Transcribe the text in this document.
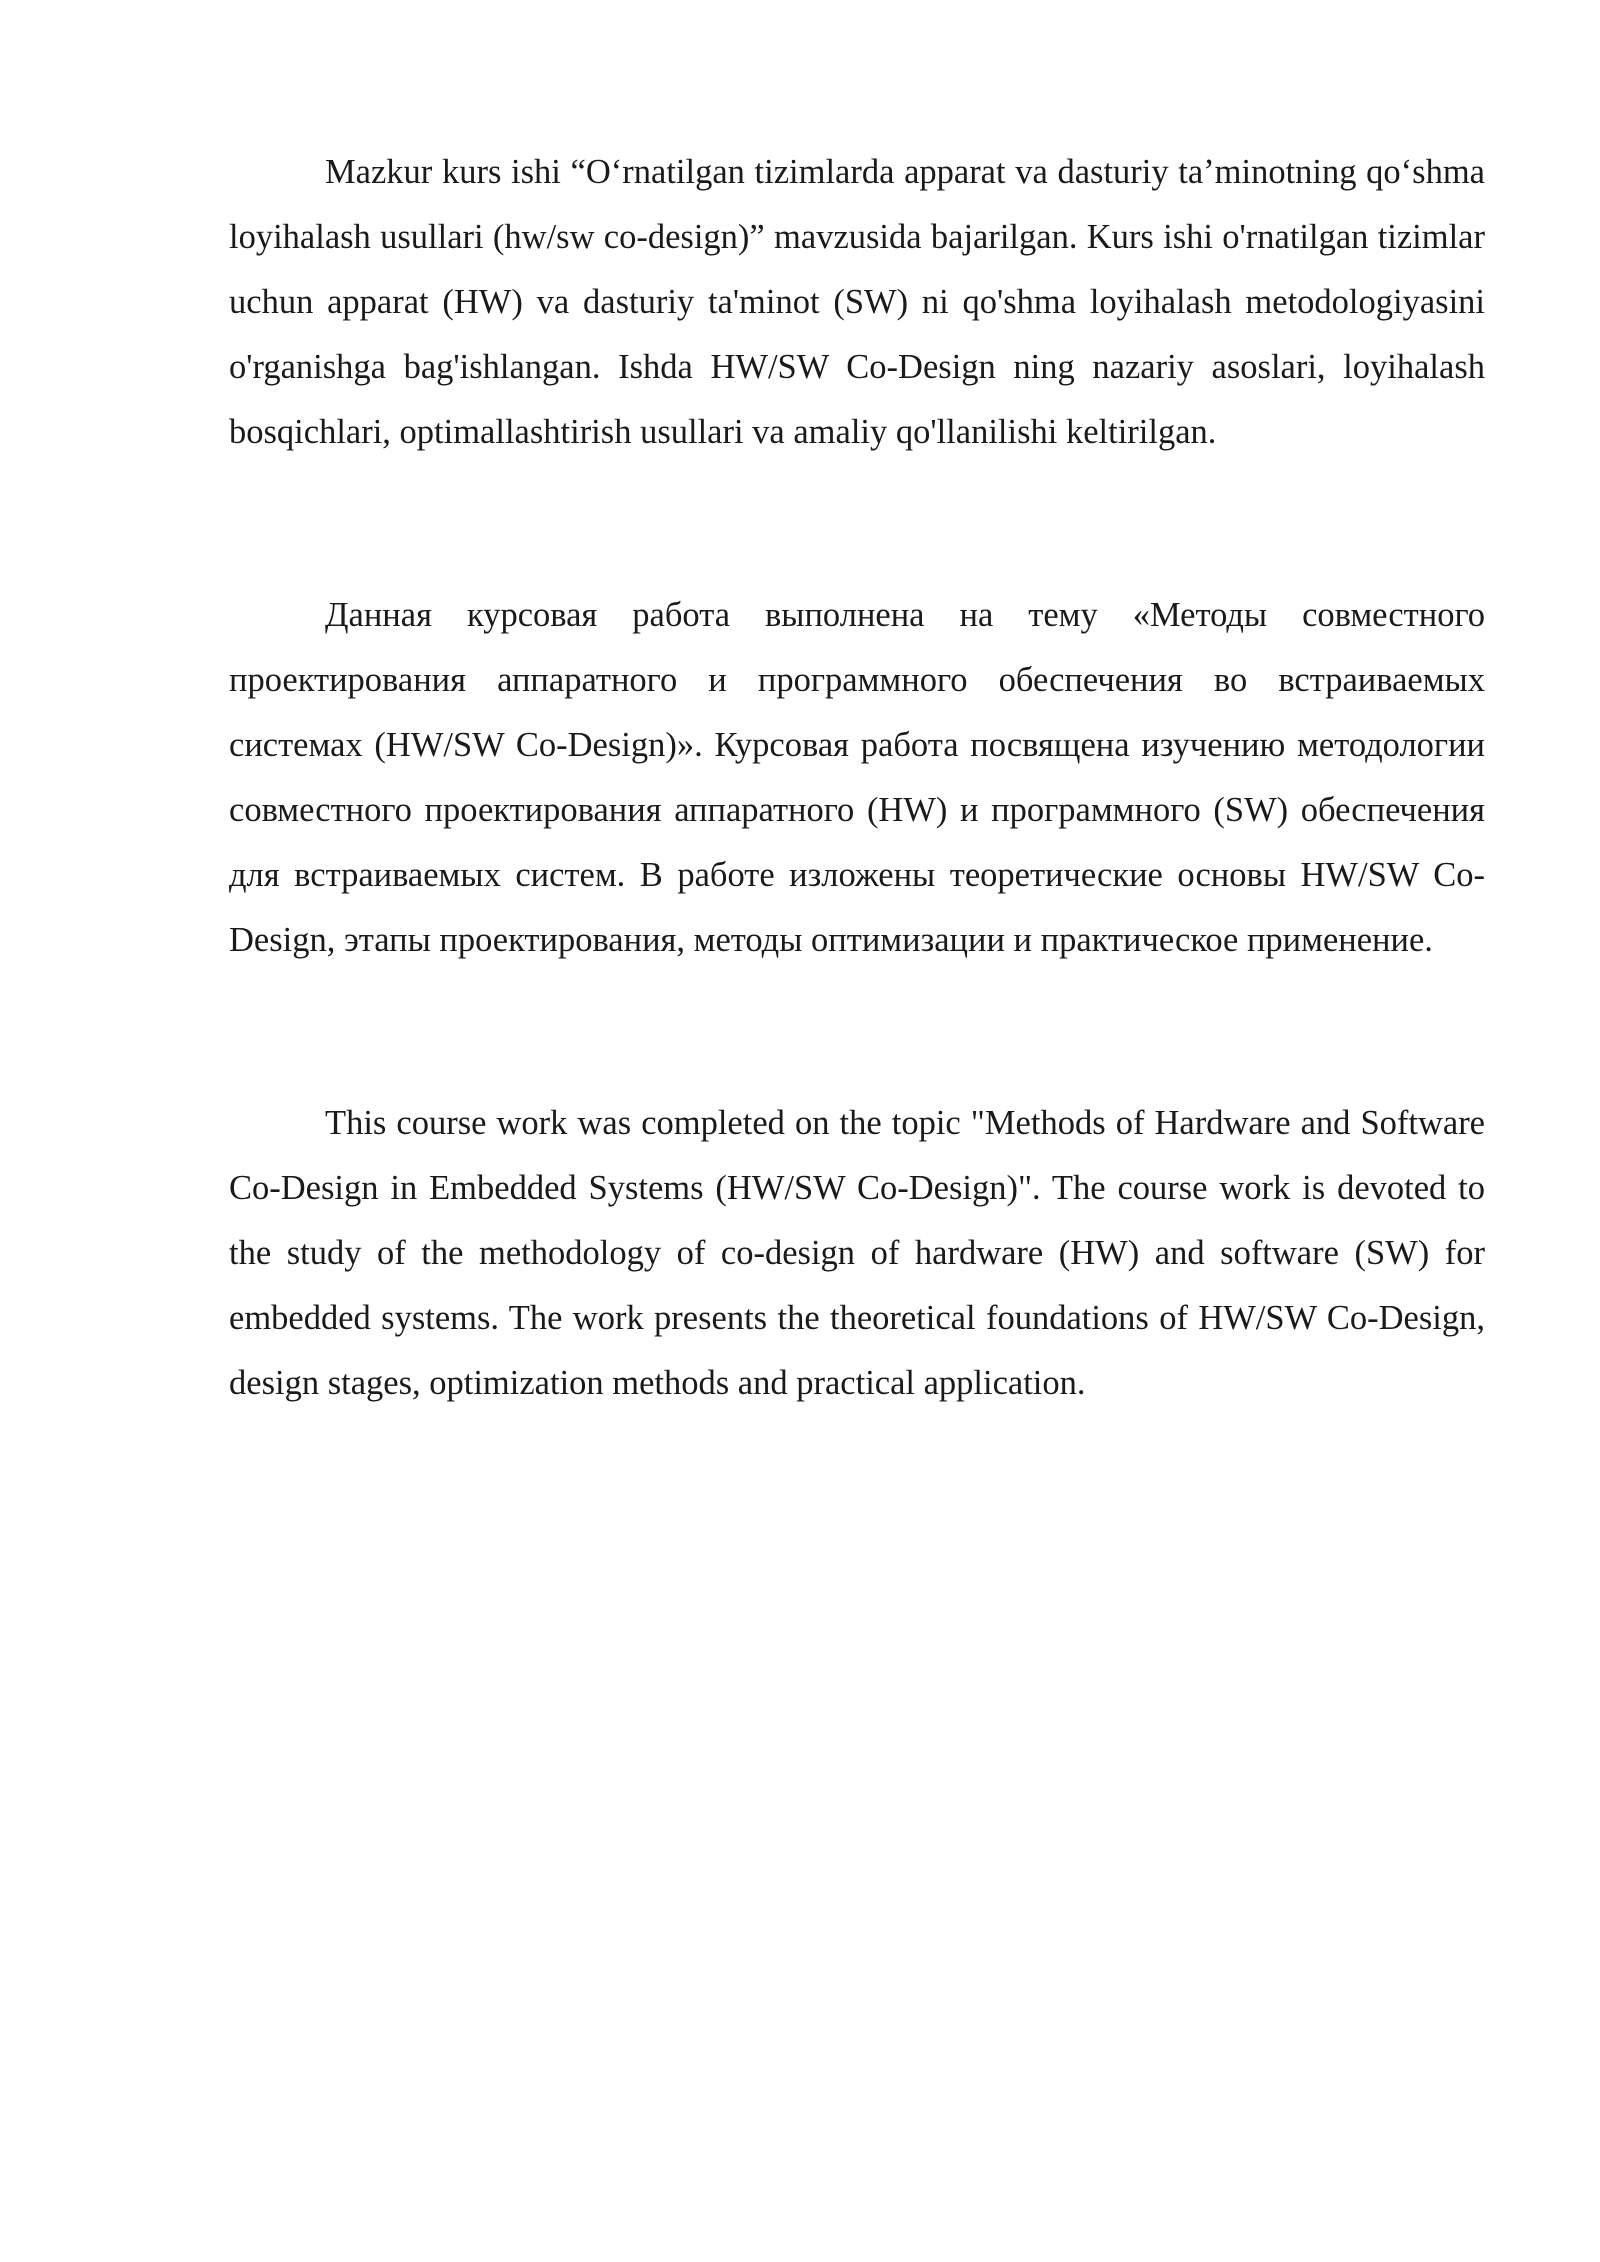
Mazkur kurs ishi “Oʻrnatilgan tizimlarda apparat va dasturiy taʼminotning qoʻshma loyihalash usullari (hw/sw co-design)” mavzusida bajarilgan. Kurs ishi o'rnatilgan tizimlar uchun apparat (HW) va dasturiy ta'minot (SW) ni qo'shma loyihalash metodologiyasini o'rganishga bag'ishlangan. Ishda HW/SW Co-Design ning nazariy asoslari, loyihalash bosqichlari, optimallashtirish usullari va amaliy qo'llanilishi keltirilgan.

Данная курсовая работа выполнена на тему «Методы совместного проектирования аппаратного и программного обеспечения во встраиваемых системах (HW/SW Co-Design)». Курсовая работа посвящена изучению методологии совместного проектирования аппаратного (HW) и программного (SW) обеспечения для встраиваемых систем. В работе изложены теоретические основы HW/SW Co-Design, этапы проектирования, методы оптимизации и практическое применение.

This course work was completed on the topic "Methods of Hardware and Software Co-Design in Embedded Systems (HW/SW Co-Design)". The course work is devoted to the study of the methodology of co-design of hardware (HW) and software (SW) for embedded systems. The work presents the theoretical foundations of HW/SW Co-Design, design stages, optimization methods and practical application.
